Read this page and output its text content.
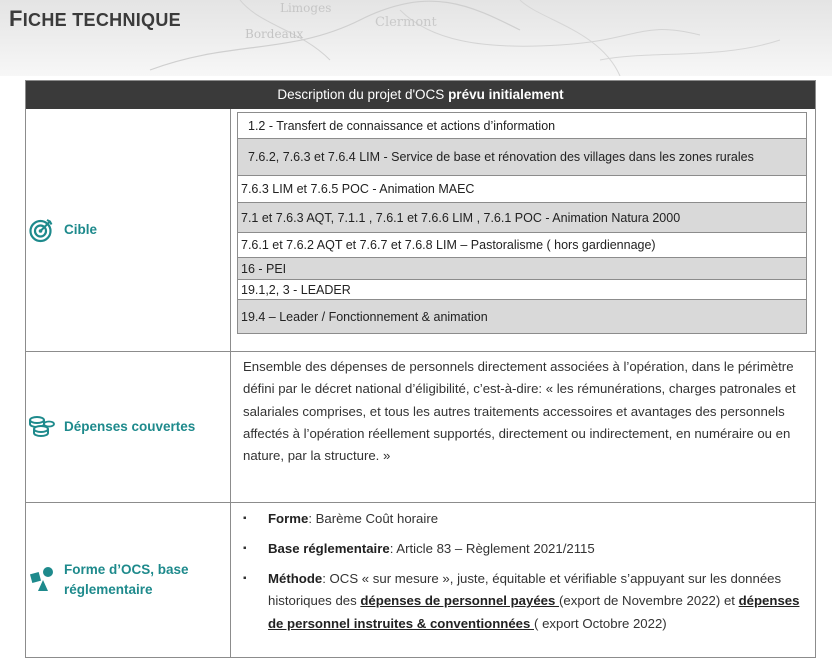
Limoges
Clermont
Bordeaux
FICHE TECHNIQUE
Description du projet d'OCS prévu initialement
Cible
1.2 - Transfert de connaissance et actions d’information
7.6.2, 7.6.3 et 7.6.4 LIM - Service de base et rénovation des villages dans les zones rurales
7.6.3 LIM et 7.6.5 POC - Animation MAEC
7.1 et 7.6.3 AQT, 7.1.1 , 7.6.1 et 7.6.6 LIM , 7.6.1 POC - Animation Natura 2000
7.6.1 et 7.6.2 AQT et 7.6.7 et 7.6.8 LIM – Pastoralisme ( hors gardiennage)
16 - PEI
19.1,2, 3 - LEADER
19.4 – Leader / Fonctionnement & animation
Dépenses couvertes
Ensemble des dépenses de personnels directement associées à l’opération, dans le périmètre défini par le décret national d’éligibilité, c’est-à-dire: « les rémunérations, charges patronales et salariales comprises, et tous les autres traitements accessoires et avantages des personnels affectés à l’opération réellement supportés, directement ou indirectement, en numéraire ou en nature, par la structure. »
Forme d’OCS, base
réglementaire
▪ Forme: Barème Coût horaire
▪ Base réglementaire: Article 83 – Règlement 2021/2115
▪ Méthode: OCS « sur mesure », juste, équitable et vérifiable s’appuyant sur les données historiques des dépenses de personnel payées (export de Novembre 2022) et dépenses de personnel instruites & conventionnées ( export Octobre 2022)
